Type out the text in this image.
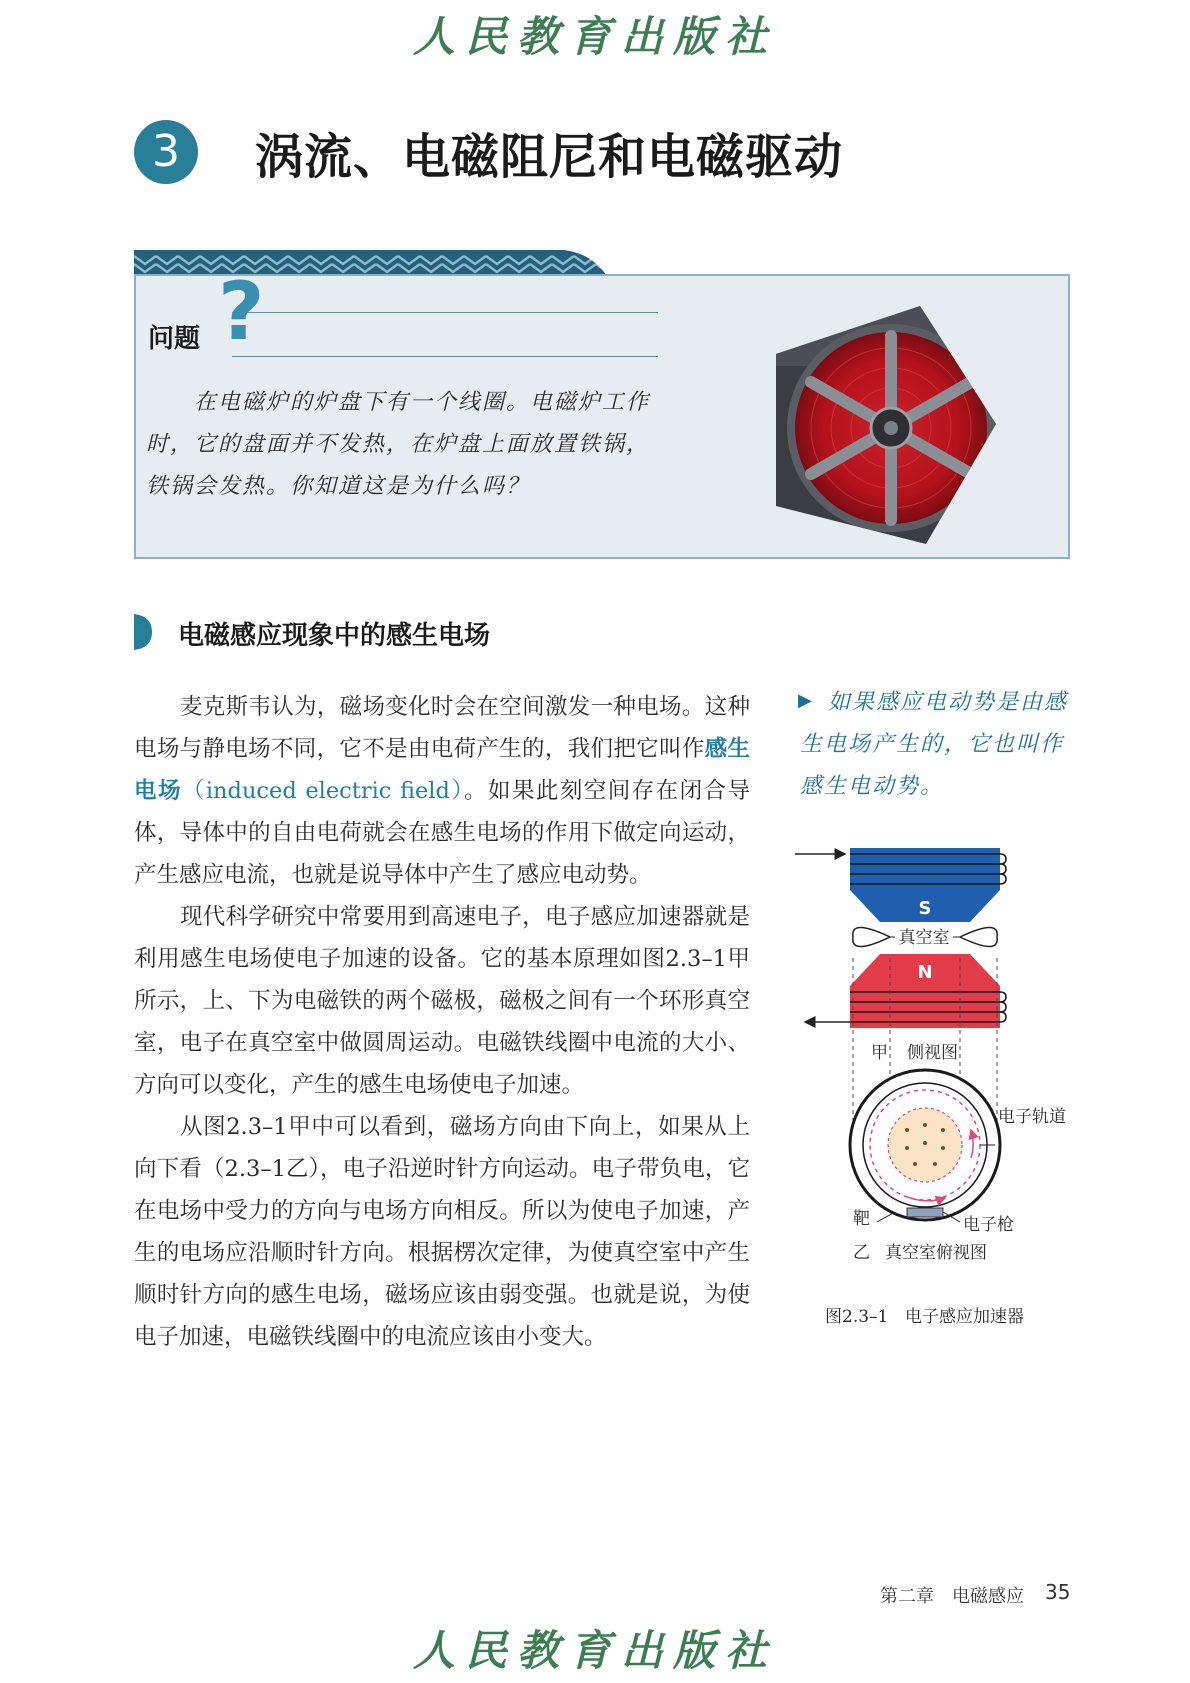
人民教育出版社
3	涡流、电磁阻尼和电磁驱动
问题 ?

在电磁炉的炉盘下有一个线圈。电磁炉工作时，它的盘面并不发热，在炉盘上面放置铁锅，铁锅会发热。你知道这是为什么吗？

电磁感应现象中的感生电场

麦克斯韦认为，磁场变化时会在空间激发一种电场。这种电场与静电场不同，它不是由电荷产生的，我们把它叫作感生电场（induced electric field）。如果此刻空间存在闭合导体，导体中的自由电荷就会在感生电场的作用下做定向运动，产生感应电流，也就是说导体中产生了感应电动势。

现代科学研究中常要用到高速电子，电子感应加速器就是利用感生电场使电子加速的设备。它的基本原理如图2.3–1甲所示，上、下为电磁铁的两个磁极，磁极之间有一个环形真空室，电子在真空室中做圆周运动。电磁铁线圈中电流的大小、方向可以变化，产生的感生电场使电子加速。

从图2.3–1甲中可以看到，磁场方向由下向上，如果从上向下看（2.3–1乙），电子沿逆时针方向运动。电子带负电，它在电场中受力的方向与电场方向相反。所以为使电子加速，产生的电场应沿顺时针方向。根据楞次定律，为使真空室中产生顺时针方向的感生电场，磁场应该由弱变强。也就是说，为使电子加速，电磁铁线圈中的电流应该由小变大。

▶ 如果感应电动势是由感生电场产生的，它也叫作感生电动势。

S
真空室
N
甲 侧视图
电子轨道
靶	电子枪
乙 真空室俯视图
图2.3–1 电子感应加速器
第二章　电磁感应 35
人民教育出版社
